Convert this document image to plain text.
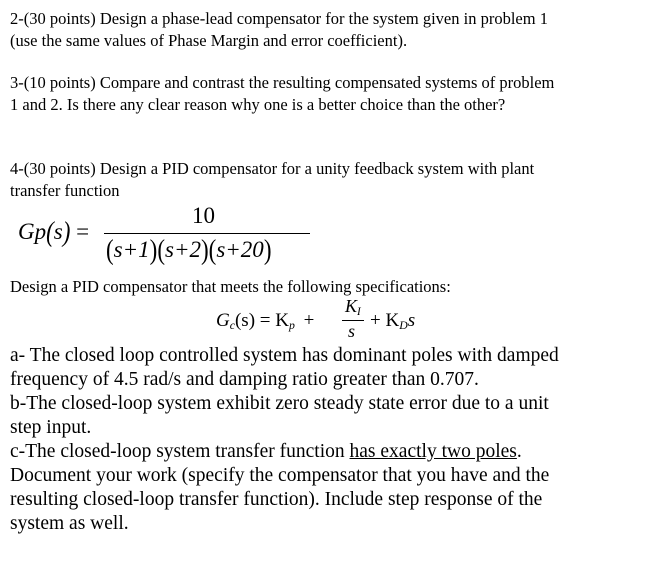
2-(30 points) Design a phase-lead compensator for the system given in problem 1

(use the same values of Phase Margin and error coefficient).

3-(10 points) Compare and contrast the resulting compensated systems of problem

1 and 2. Is there any clear reason why one is a better choice than the other?

4-(30 points) Design a PID compensator for a unity feedback system with plant

transfer function

Gp(s) =
10
(s+1)(s+2)(s+20)

Design a PID compensator that meets the following specifications:

$G_c(s) = K_p$ +
$K_I$
$s + K_Ds$

a- The closed loop controlled system has dominant poles with damped

frequency of 4.5 rad/s and damping ratio greater than 0.707.

b-The closed-loop system exhibit zero steady state error due to a unit

step input.

c-The closed-loop system transfer function has exactly two poles.

Document your work (specify the compensator that you have and the

resulting closed-loop transfer function). Include step response of the

system as well.
